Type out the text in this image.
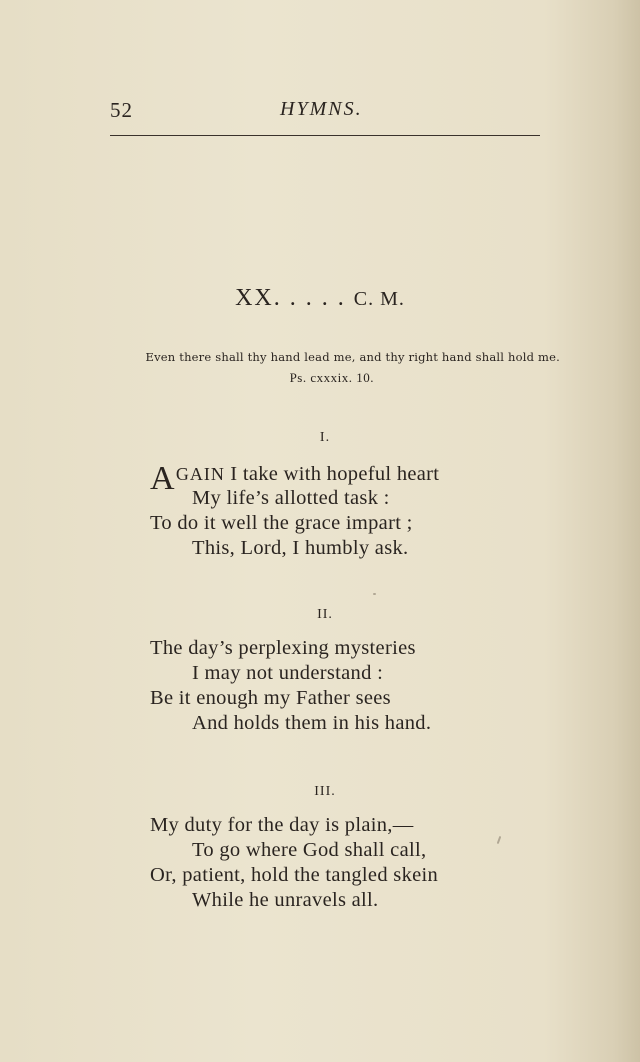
52	HYMNS.
XX. . . . . C. M.
Even there shall thy hand lead me, and thy right hand shall hold me.
Ps. cxxxix. 10.
I.
AGAIN I take with hopeful heart
My life’s allotted task :
To do it well the grace impart ;
This, Lord, I humbly ask.
II.
The day’s perplexing mysteries
I may not understand :
Be it enough my Father sees
And holds them in his hand.
III.
My duty for the day is plain,—
To go where God shall call,
Or, patient, hold the tangled skein
While he unravels all.
